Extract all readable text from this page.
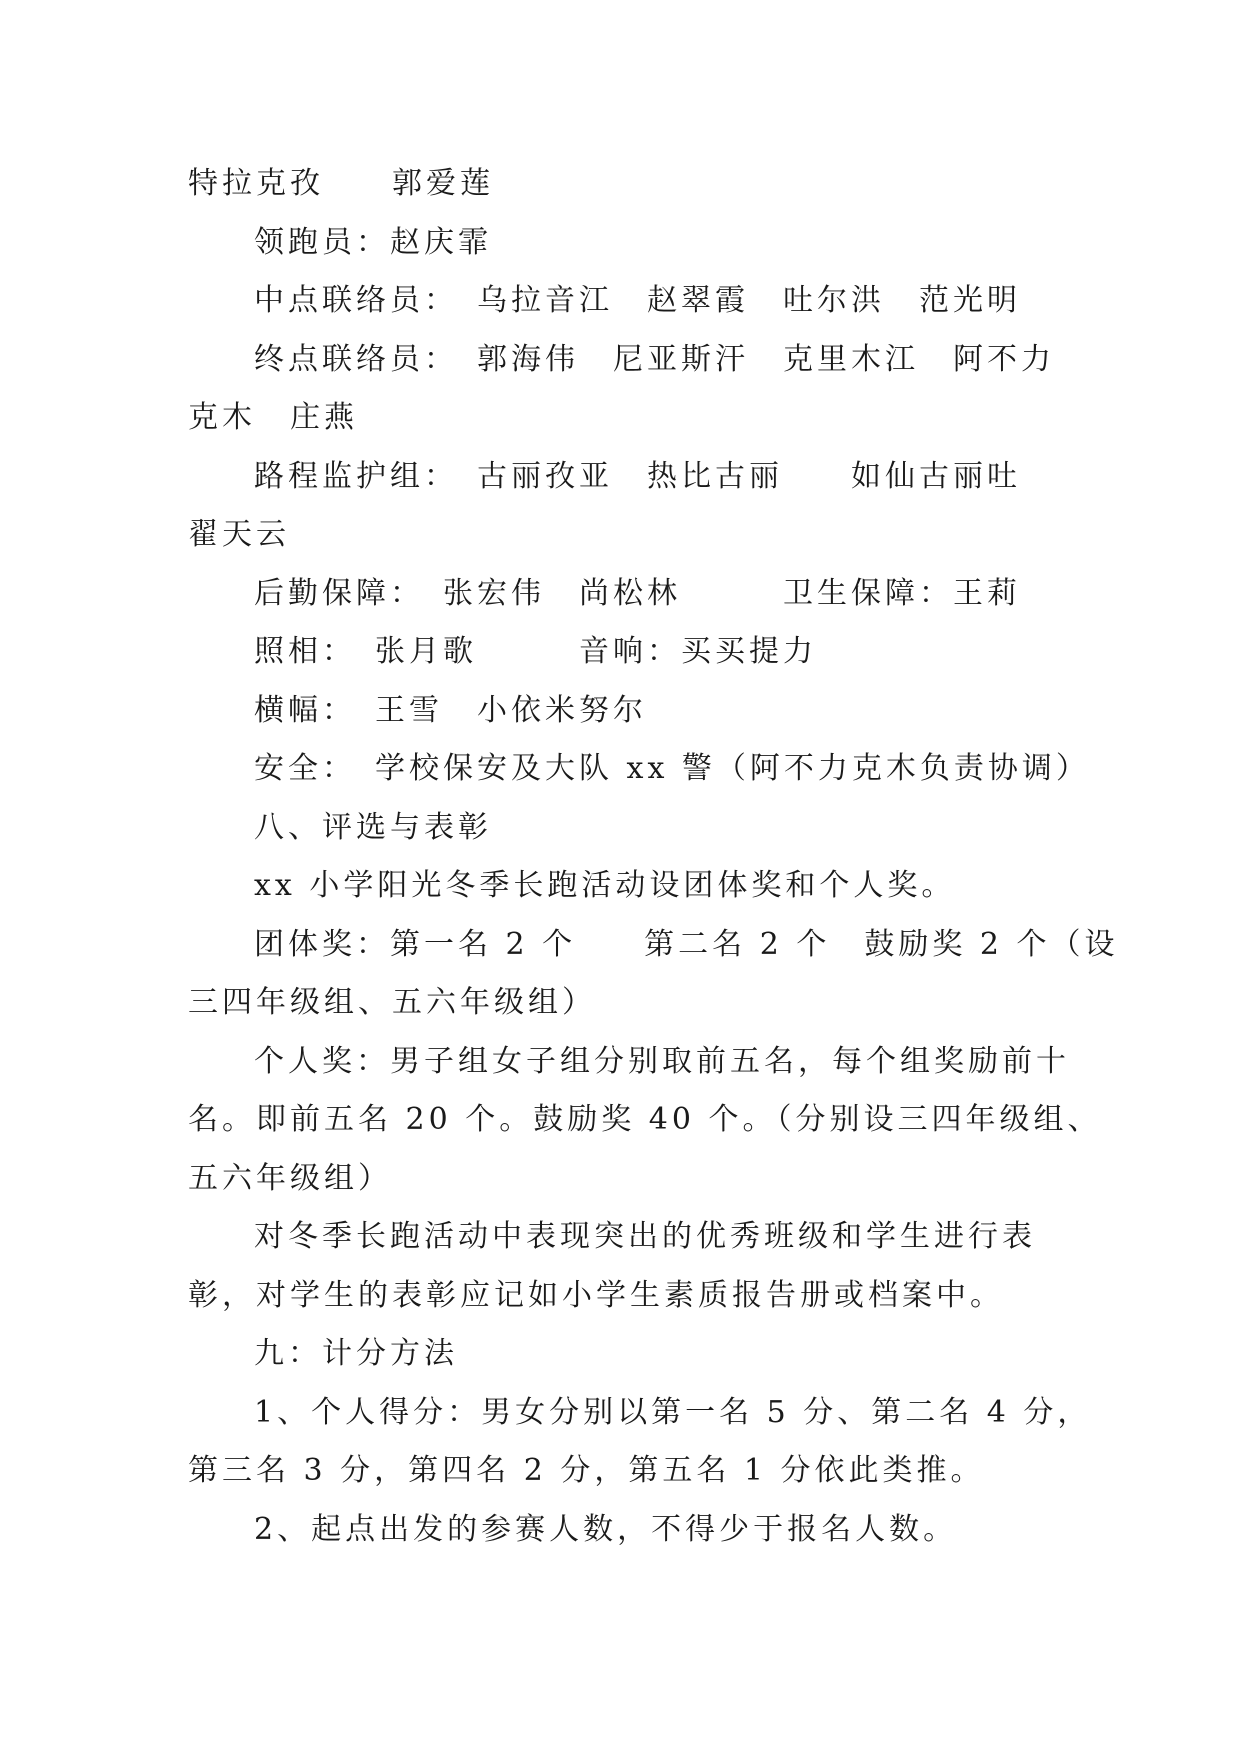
特拉克孜　　郭爱莲
领跑员：赵庆霏
中点联络员：　乌拉音江　赵翠霞　吐尔洪　范光明
终点联络员：　郭海伟　尼亚斯汗　克里木江　阿不力
克木　庄燕
路程监护组：　古丽孜亚　热比古丽　　如仙古丽吐
翟天云
后勤保障：　张宏伟　尚松林　　　卫生保障：王莉
照相：　张月歌　　　音响：买买提力
横幅：　王雪　小依米努尔
安全：　学校保安及大队 xx 警（阿不力克木负责协调）
八、评选与表彰
xx 小学阳光冬季长跑活动设团体奖和个人奖。
团体奖：第一名 2 个　　第二名 2 个　鼓励奖 2 个（设
三四年级组、五六年级组）
个人奖：男子组女子组分别取前五名，每个组奖励前十
名。即前五名 20 个。鼓励奖 40 个。（分别设三四年级组、
五六年级组）
对冬季长跑活动中表现突出的优秀班级和学生进行表
彰，对学生的表彰应记如小学生素质报告册或档案中。
九：计分方法
1、个人得分：男女分别以第一名 5 分、第二名 4 分，
第三名 3 分，第四名 2 分，第五名 1 分依此类推。
2、起点出发的参赛人数，不得少于报名人数。
